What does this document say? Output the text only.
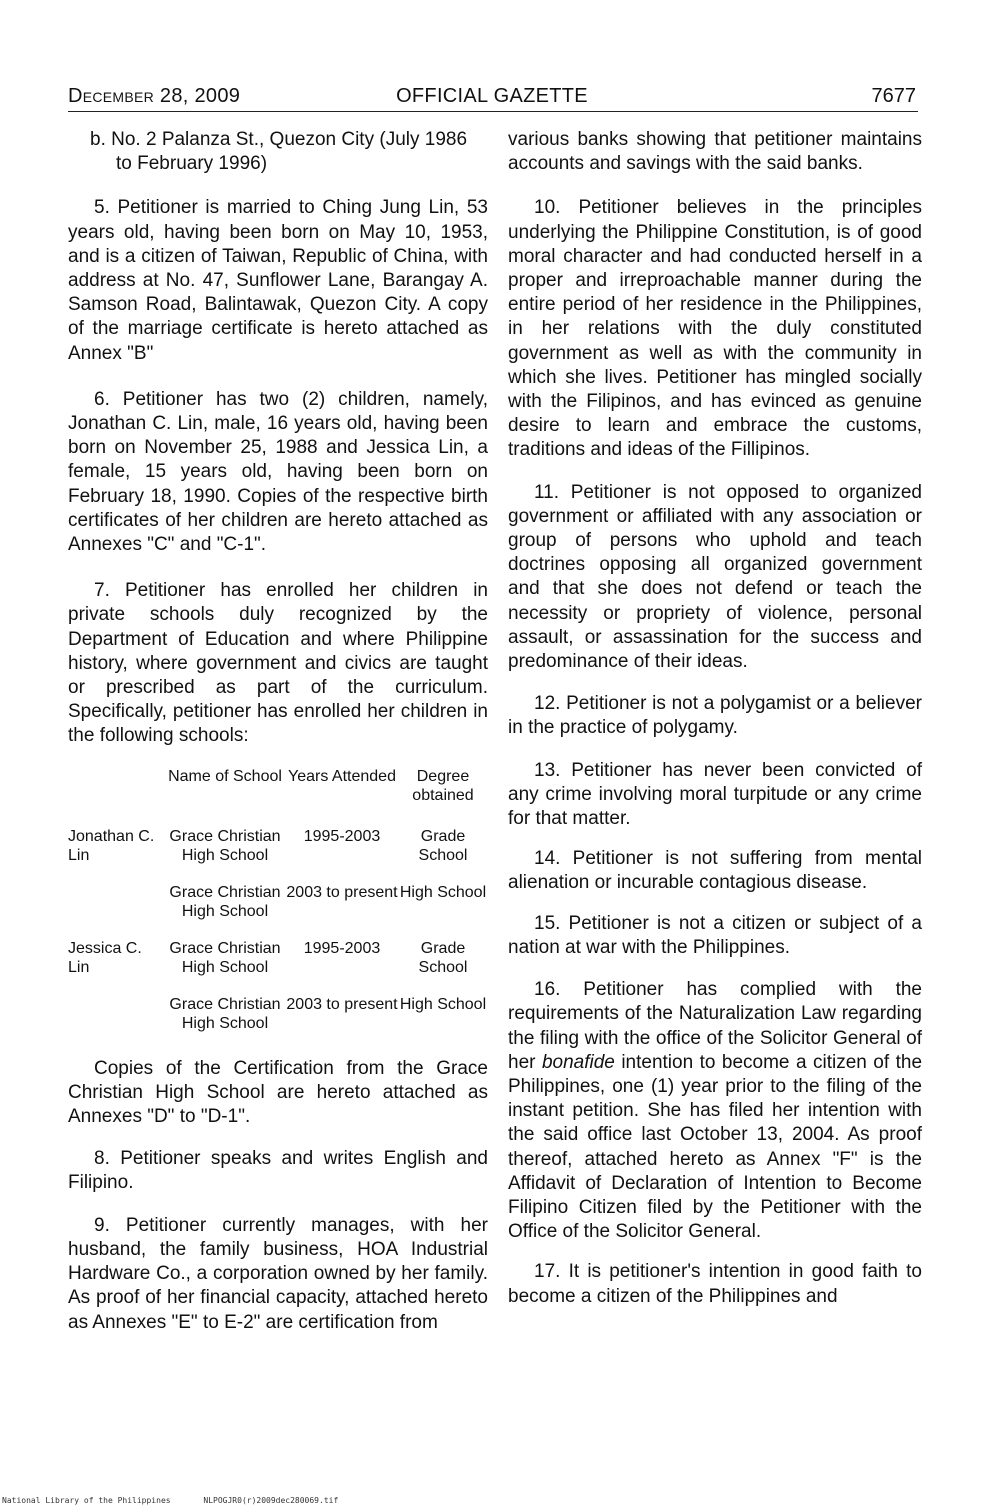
December 28, 2009	OFFICIAL GAZETTE	7677

b. No. 2 Palanza St., Quezon City (July 1986 to February 1996)

5. Petitioner is married to Ching Jung Lin, 53 years old, having been born on May 10, 1953, and is a citizen of Taiwan, Republic of China, with address at No. 47, Sunflower Lane, Barangay A. Samson Road, Balintawak, Quezon City. A copy of the marriage certificate is hereto attached as Annex "B"

6. Petitioner has two (2) children, namely, Jonathan C. Lin, male, 16 years old, having been born on November 25, 1988 and Jessica Lin, a female, 15 years old, having been born on February 18, 1990. Copies of the respective birth certificates of her children are hereto attached as Annexes "C" and "C-1".

7. Petitioner has enrolled her children in private schools duly recognized by the Department of Education and where Philippine history, where government and civics are taught or prescribed as part of the curriculum. Specifically, petitioner has enrolled her children in the following schools:

	Name of School	Years Attended	Degree obtained
Jonathan C. Lin	Grace Christian High School	1995-2003	Grade School
	Grace Christian High School	2003 to present	High School
Jessica C. Lin	Grace Christian High School	1995-2003	Grade School
	Grace Christian High School	2003 to present	High School

Copies of the Certification from the Grace Christian High School are hereto attached as Annexes "D" to "D-1".

8. Petitioner speaks and writes English and Filipino.

9. Petitioner currently manages, with her husband, the family business, HOA Industrial Hardware Co., a corporation owned by her family. As proof of her financial capacity, attached hereto as Annexes "E" to E-2" are certification from

various banks showing that petitioner maintains accounts and savings with the said banks.

10. Petitioner believes in the principles underlying the Philippine Constitution, is of good moral character and had conducted herself in a proper and irreproachable manner during the entire period of her residence in the Philippines, in her relations with the duly constituted government as well as with the community in which she lives. Petitioner has mingled socially with the Filipinos, and has evinced as genuine desire to learn and embrace the customs, traditions and ideas of the Fillipinos.

11. Petitioner is not opposed to organized government or affiliated with any association or group of persons who uphold and teach doctrines opposing all organized government and that she does not defend or teach the necessity or propriety of violence, personal assault, or assassination for the success and predominance of their ideas.

12. Petitioner is not a polygamist or a believer in the practice of polygamy.

13. Petitioner has never been convicted of any crime involving moral turpitude or any crime for that matter.

14. Petitioner is not suffering from mental alienation or incurable contagious disease.

15. Petitioner is not a citizen or subject of a nation at war with the Philippines.

16. Petitioner has complied with the requirements of the Naturalization Law regarding the filing with the office of the Solicitor General of her bonafide intention to become a citizen of the Philippines, one (1) year prior to the filing of the instant petition. She has filed her intention with the said office last October 13, 2004. As proof thereof, attached hereto as Annex "F" is the Affidavit of Declaration of Intention to Become Filipino Citizen filed by the Petitioner with the Office of the Solicitor General.

17. It is petitioner's intention in good faith to become a citizen of the Philippines and

National Library of the Philippines	NLPOGJR0(r)2009dec280069.tif
